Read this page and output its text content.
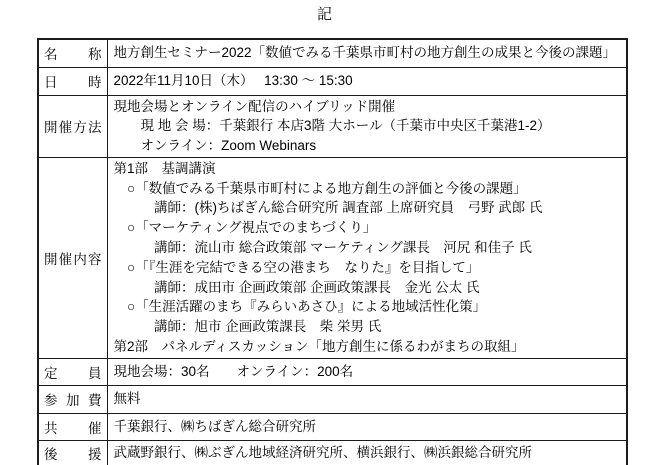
記
名称	地方創生セミナー2022「数値でみる千葉県市町村の地方創生の成果と今後の課題」

日時	2022年11月10日（木）　 13:30 ～ 15:30

開催方法	現地会場とオンライン配信のハイブリッド開催
　　現 地 会 場：千葉銀行 本店3階 大ホール（千葉市中央区千葉港1-2）
　　オンライン：Zoom Webinars

開催内容	
第1部　基調講演
　○「数値でみる千葉県市町村による地方創生の評価と今後の課題」
　　　講師：(株)ちばぎん総合研究所 調査部 上席研究員　弓野 武郎 氏
　○「マーケティング視点でのまちづくり」
　　　講師：流山市 総合政策部 マーケティング課長　河尻 和佳子 氏
　○「『生涯を完結できる空の港まち　なりた』を目指して」
　　　講師：成田市 企画政策部 企画政策課長　金光 公太 氏
　○「生涯活躍のまち『みらいあさひ』による地域活性化策」
　　　講師：旭市 企画政策課長　柴 栄男 氏
第2部　パネルディスカッション「地方創生に係るわがまちの取組」

定員	現地会場：30名　　オンライン：200名

参加費	無料

共催	千葉銀行、㈱ちばぎん総合研究所

後援	武蔵野銀行、㈱ぶぎん地域経済研究所、横浜銀行、㈱浜銀総合研究所
